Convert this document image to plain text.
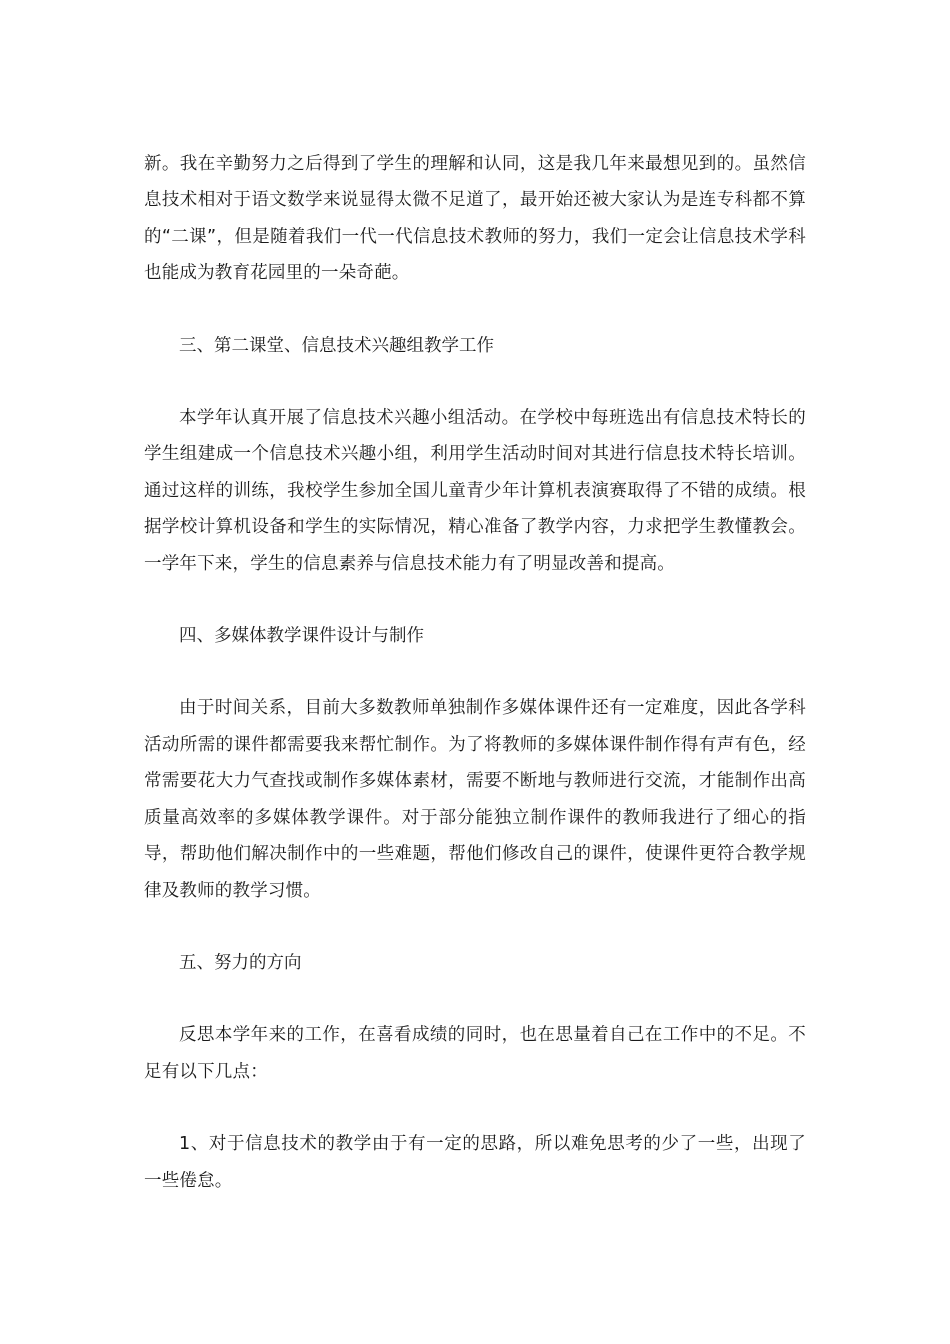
新。我在辛勤努力之后得到了学生的理解和认同，这是我几年来最想见到的。虽然信息技术相对于语文数学来说显得太微不足道了，最开始还被大家认为是连专科都不算的“二课”，但是随着我们一代一代信息技术教师的努力，我们一定会让信息技术学科也能成为教育花园里的一朵奇葩。

三、第二课堂、信息技术兴趣组教学工作

本学年认真开展了信息技术兴趣小组活动。在学校中每班选出有信息技术特长的学生组建成一个信息技术兴趣小组，利用学生活动时间对其进行信息技术特长培训。通过这样的训练，我校学生参加全国儿童青少年计算机表演赛取得了不错的成绩。根据学校计算机设备和学生的实际情况，精心准备了教学内容，力求把学生教懂教会。一学年下来，学生的信息素养与信息技术能力有了明显改善和提高。

四、多媒体教学课件设计与制作

由于时间关系，目前大多数教师单独制作多媒体课件还有一定难度，因此各学科活动所需的课件都需要我来帮忙制作。为了将教师的多媒体课件制作得有声有色，经常需要花大力气查找或制作多媒体素材，需要不断地与教师进行交流，才能制作出高质量高效率的多媒体教学课件。对于部分能独立制作课件的教师我进行了细心的指导，帮助他们解决制作中的一些难题，帮他们修改自己的课件，使课件更符合教学规律及教师的教学习惯。

五、努力的方向

反思本学年来的工作，在喜看成绩的同时，也在思量着自己在工作中的不足。不足有以下几点：

1、对于信息技术的教学由于有一定的思路，所以难免思考的少了一些，出现了一些倦怠。
